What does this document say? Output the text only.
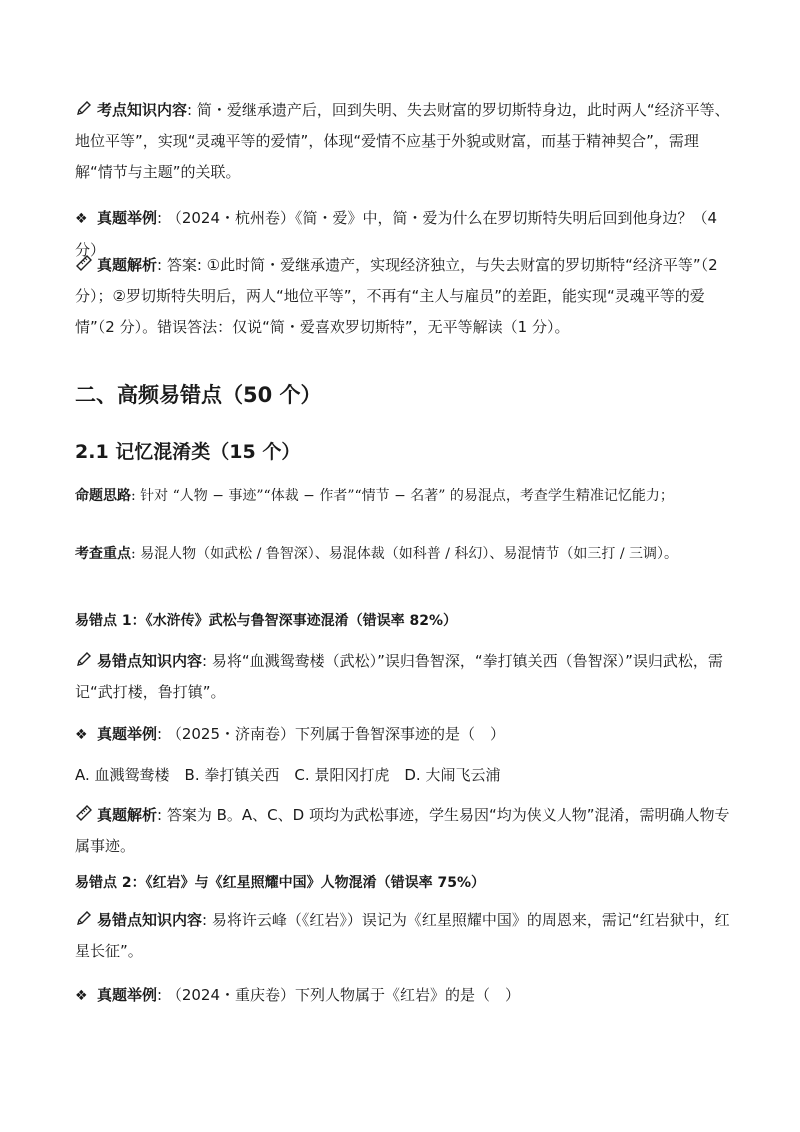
考点知识内容: 简・爱继承遗产后，回到失明、失去财富的罗切斯特身边，此时两人“经济平等、地位平等”，实现“灵魂平等的爱情”，体现“爱情不应基于外貌或财富，而基于精神契合”，需理解“情节与主题”的关联。
❖ 真题举例: （2024・杭州卷）《简・爱》中，简・爱为什么在罗切斯特失明后回到他身边？（4 分）
真题解析: 答案: ①此时简・爱继承遗产，实现经济独立，与失去财富的罗切斯特“经济平等”（2 分）；②罗切斯特失明后，两人“地位平等”，不再有“主人与雇员”的差距，能实现“灵魂平等的爱情”（2 分）。错误答法：仅说“简・爱喜欢罗切斯特”，无平等解读（1 分）。
二、高频易错点（50 个）
2.1 记忆混淆类（15 个）
命题思路: 针对 “人物 − 事迹”“体裁 − 作者”“情节 − 名著” 的易混点，考查学生精准记忆能力；
考查重点: 易混人物（如武松 / 鲁智深）、易混体裁（如科普 / 科幻）、易混情节（如三打 / 三调）。
易错点 1：《水浒传》武松与鲁智深事迹混淆（错误率 82%）
易错点知识内容: 易将“血溅鸳鸯楼（武松）”误归鲁智深，“拳打镇关西（鲁智深）”误归武松，需记“武打楼，鲁打镇”。
❖ 真题举例: （2025・济南卷）下列属于鲁智深事迹的是（　）
A. 血溅鸳鸯楼　B. 拳打镇关西　C. 景阳冈打虎　D. 大闹飞云浦
真题解析: 答案为 B。A、C、D 项均为武松事迹，学生易因“均为侠义人物”混淆，需明确人物专属事迹。
易错点 2：《红岩》与《红星照耀中国》人物混淆（错误率 75%）
易错点知识内容: 易将许云峰（《红岩》）误记为《红星照耀中国》的周恩来，需记“红岩狱中，红星长征”。
❖ 真题举例: （2024・重庆卷）下列人物属于《红岩》的是（　）
